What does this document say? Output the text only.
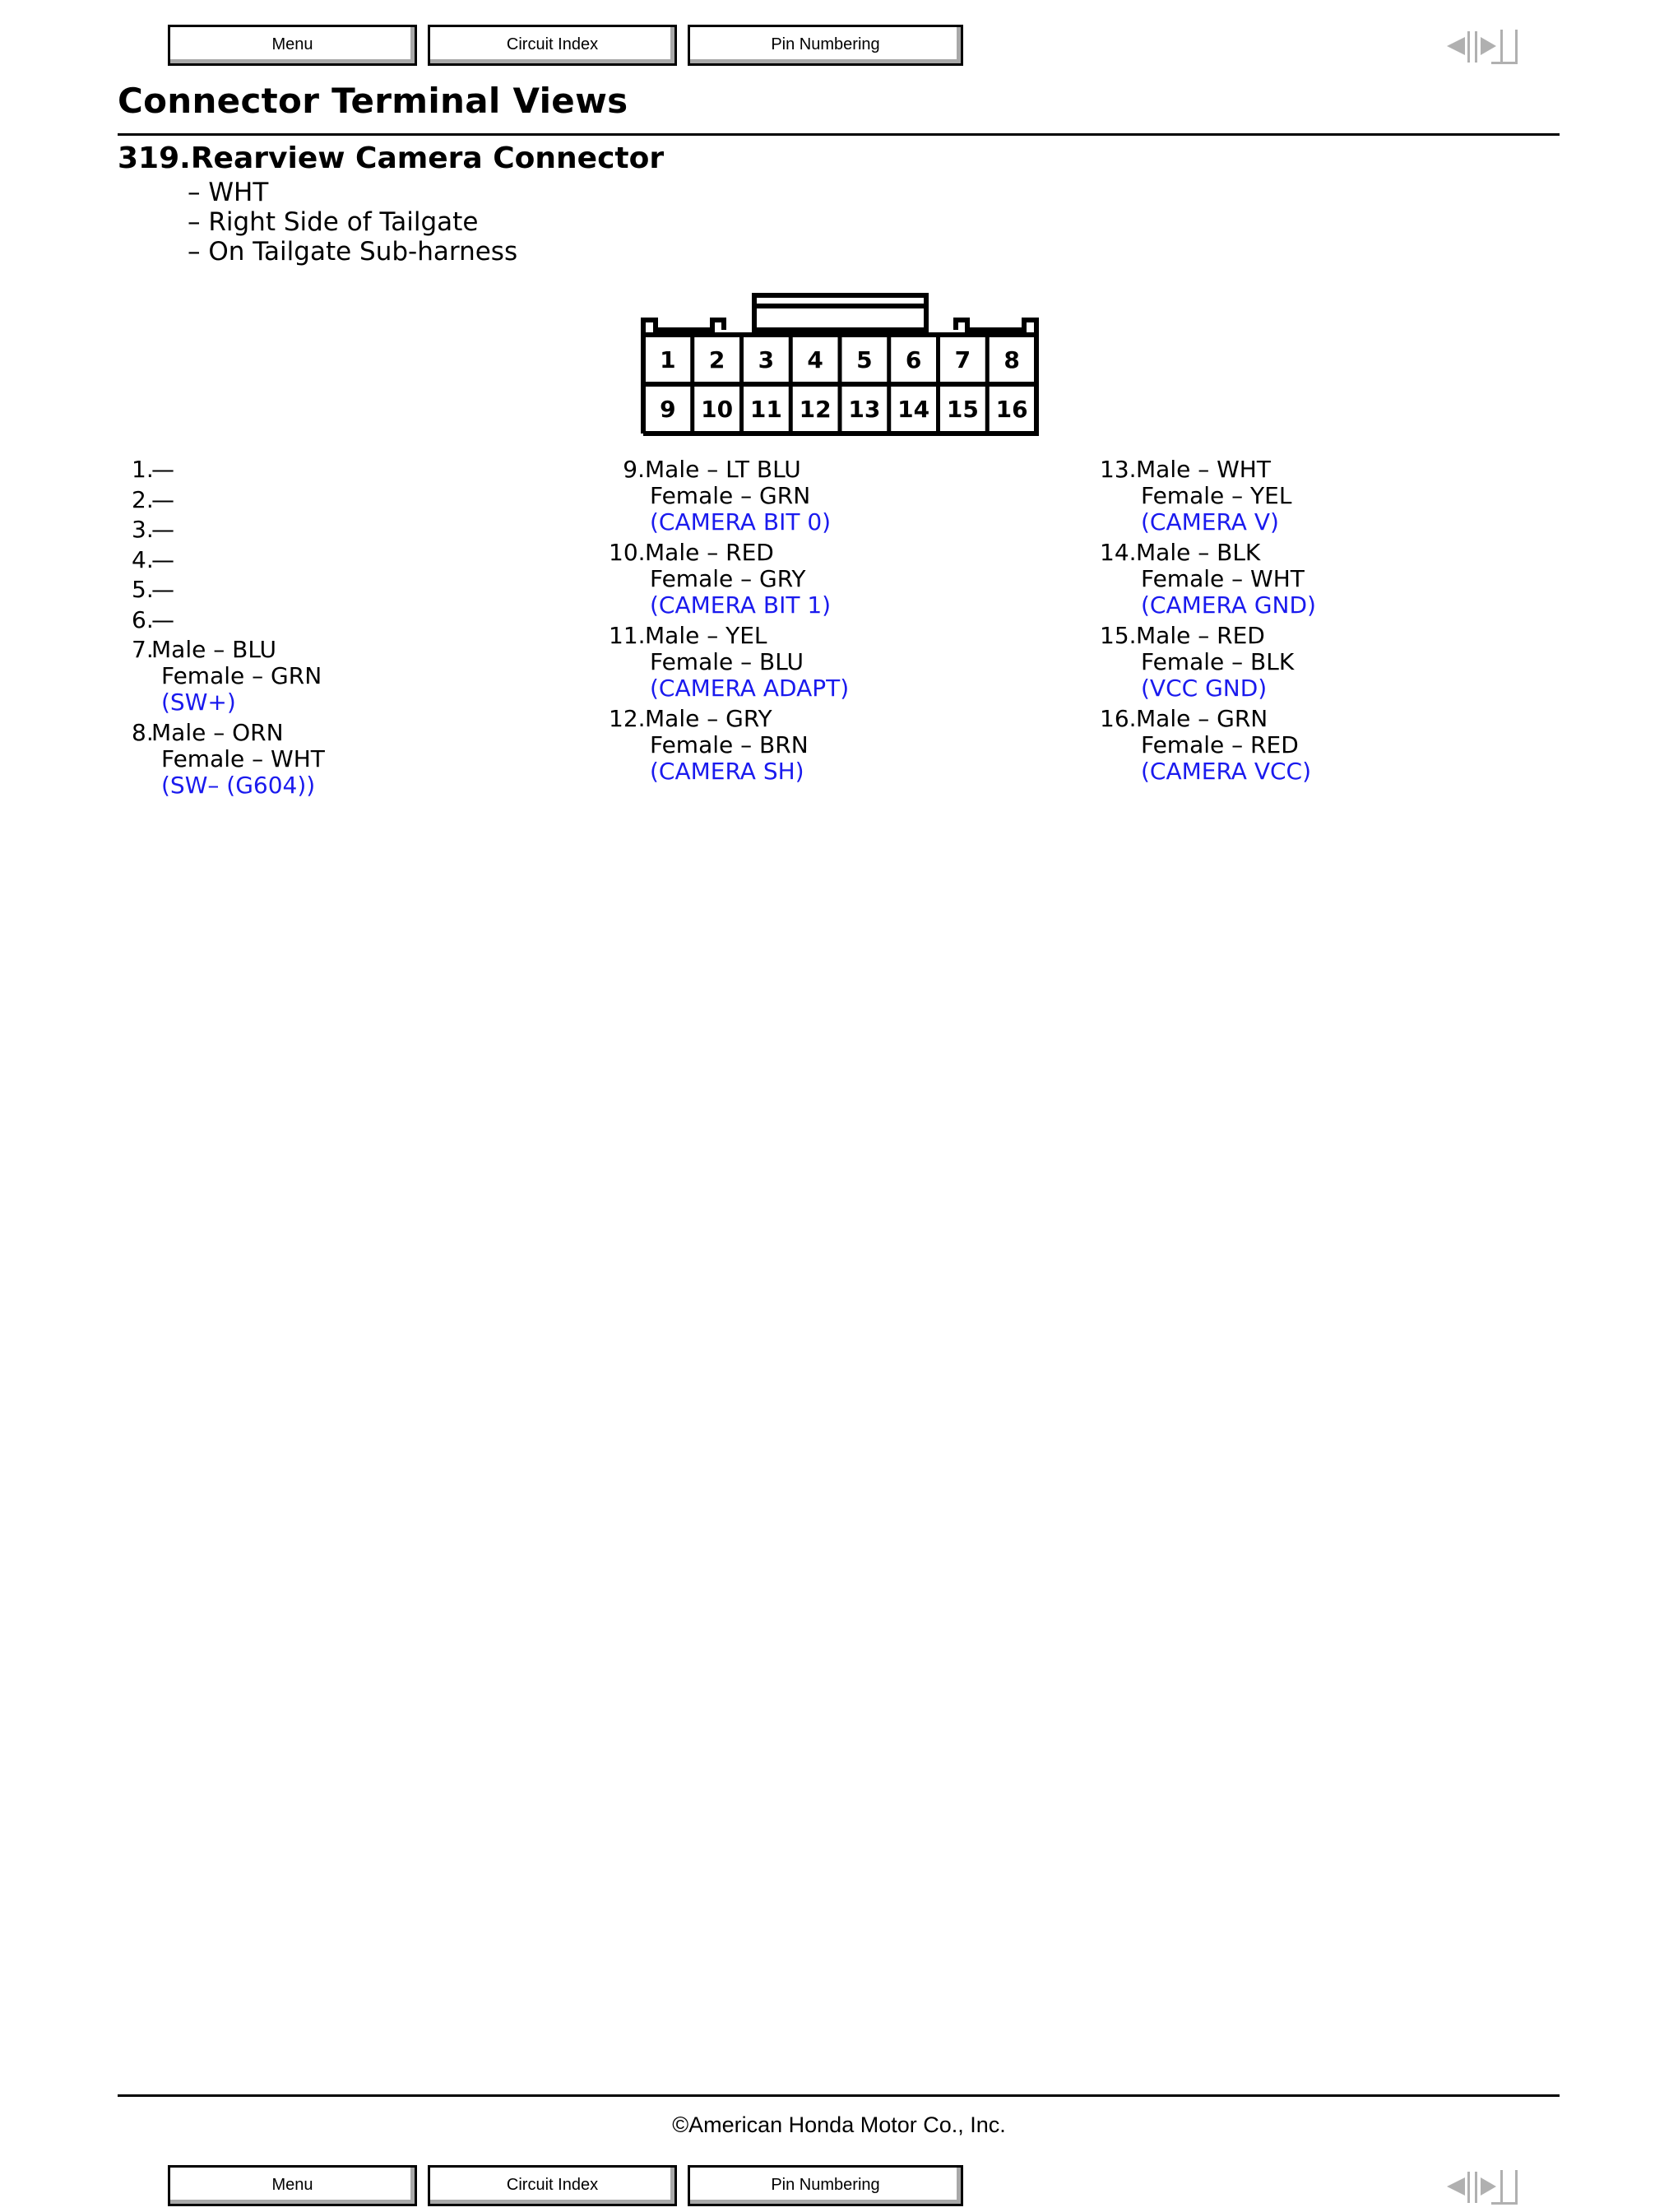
Menu	Circuit Index	Pin Numbering
Connector Terminal Views
319.Rearview Camera Connector
– WHT
– Right Side of Tailgate
– On Tailgate Sub-harness
1 2 3 4 5 6 7 8
9 10 11 12 13 14 15 16
1.—
2.—
3.—
4.—
5.—
6.—
7.Male – BLU
Female – GRN
(SW+)
8.Male – ORN
Female – WHT
(SW– (G604))
9.Male – LT BLU
Female – GRN
(CAMERA BIT 0)
10.Male – RED
Female – GRY
(CAMERA BIT 1)
11.Male – YEL
Female – BLU
(CAMERA ADAPT)
12.Male – GRY
Female – BRN
(CAMERA SH)
13.Male – WHT
Female – YEL
(CAMERA V)
14.Male – BLK
Female – WHT
(CAMERA GND)
15.Male – RED
Female – BLK
(VCC GND)
16.Male – GRN
Female – RED
(CAMERA VCC)
©American Honda Motor Co., Inc.
Menu	Circuit Index	Pin Numbering
